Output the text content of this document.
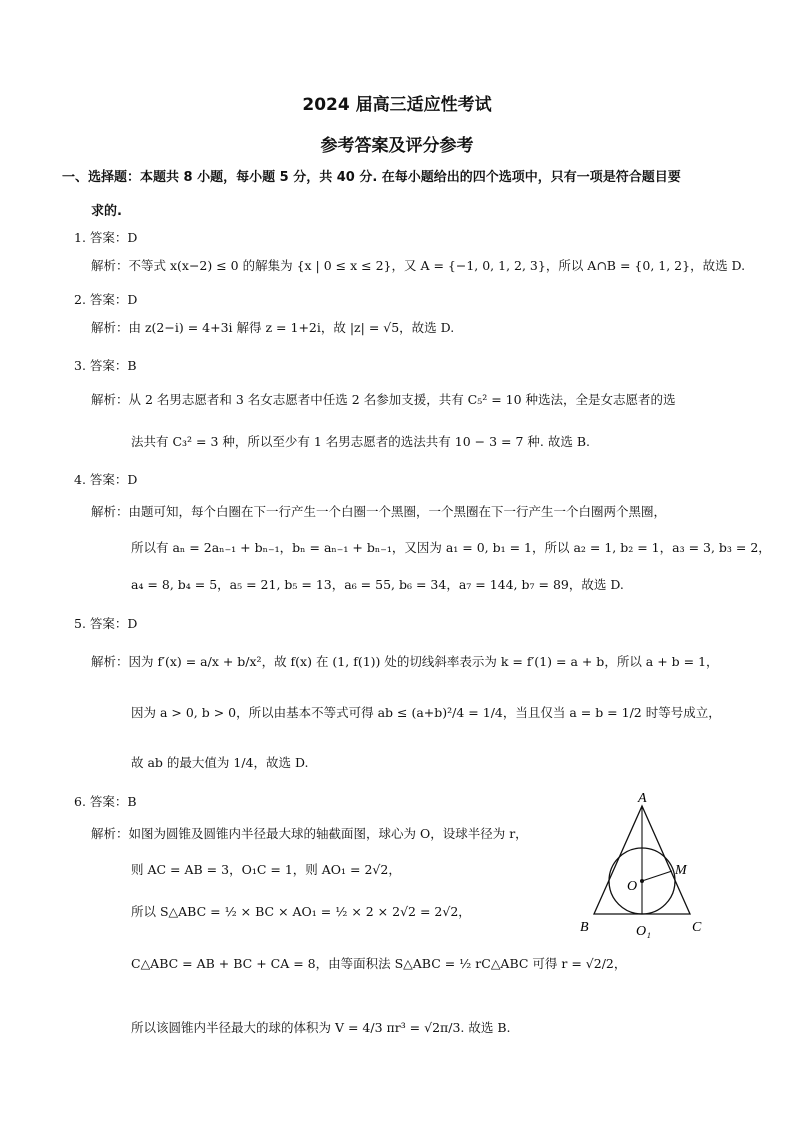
2024 届高三适应性考试
参考答案及评分参考
一、选择题：本题共 8 小题，每小题 5 分，共 40 分. 在每小题给出的四个选项中，只有一项是符合题目要
求的.
1. 答案：D
解析：不等式 x(x−2) ≤ 0 的解集为 {x | 0 ≤ x ≤ 2}，又 A = {−1, 0, 1, 2, 3}，所以 A∩B = {0, 1, 2}，故选 D.
2. 答案：D
解析：由 z(2−i) = 4+3i 解得 z = 1+2i，故 |z| = √5，故选 D.
3. 答案：B
解析：从 2 名男志愿者和 3 名女志愿者中任选 2 名参加支援，共有 C₅² = 10 种选法，全是女志愿者的选
法共有 C₃² = 3 种，所以至少有 1 名男志愿者的选法共有 10 − 3 = 7 种. 故选 B.
4. 答案：D
解析：由题可知，每个白圈在下一行产生一个白圈一个黑圈，一个黑圈在下一行产生一个白圈两个黑圈，
所以有 aₙ = 2aₙ₋₁ + bₙ₋₁，bₙ = aₙ₋₁ + bₙ₋₁，又因为 a₁ = 0, b₁ = 1，所以 a₂ = 1, b₂ = 1，a₃ = 3, b₃ = 2，
a₄ = 8, b₄ = 5，a₅ = 21, b₅ = 13，a₆ = 55, b₆ = 34，a₇ = 144, b₇ = 89，故选 D.
5. 答案：D
解析：因为 f′(x) = a/x + b/x²，故 f(x) 在 (1, f(1)) 处的切线斜率表示为 k = f′(1) = a + b，所以 a + b = 1，
因为 a > 0, b > 0，所以由基本不等式可得 ab ≤ (a+b)²/4 = 1/4，当且仅当 a = b = 1/2 时等号成立，
故 ab 的最大值为 1/4，故选 D.
6. 答案：B
解析：如图为圆锥及圆锥内半径最大球的轴截面图，球心为 O，设球半径为 r，
则 AC = AB = 3，O₁C = 1，则 AO₁ = 2√2，
所以 S△ABC = ½ × BC × AO₁ = ½ × 2 × 2√2 = 2√2，
C△ABC = AB + BC + CA = 8，由等面积法 S△ABC = ½ rC△ABC 可得 r = √2/2，
所以该圆锥内半径最大的球的体积为 V = 4/3 πr³ = √2π/3. 故选 B.
A
B	C
O
M
O₁
